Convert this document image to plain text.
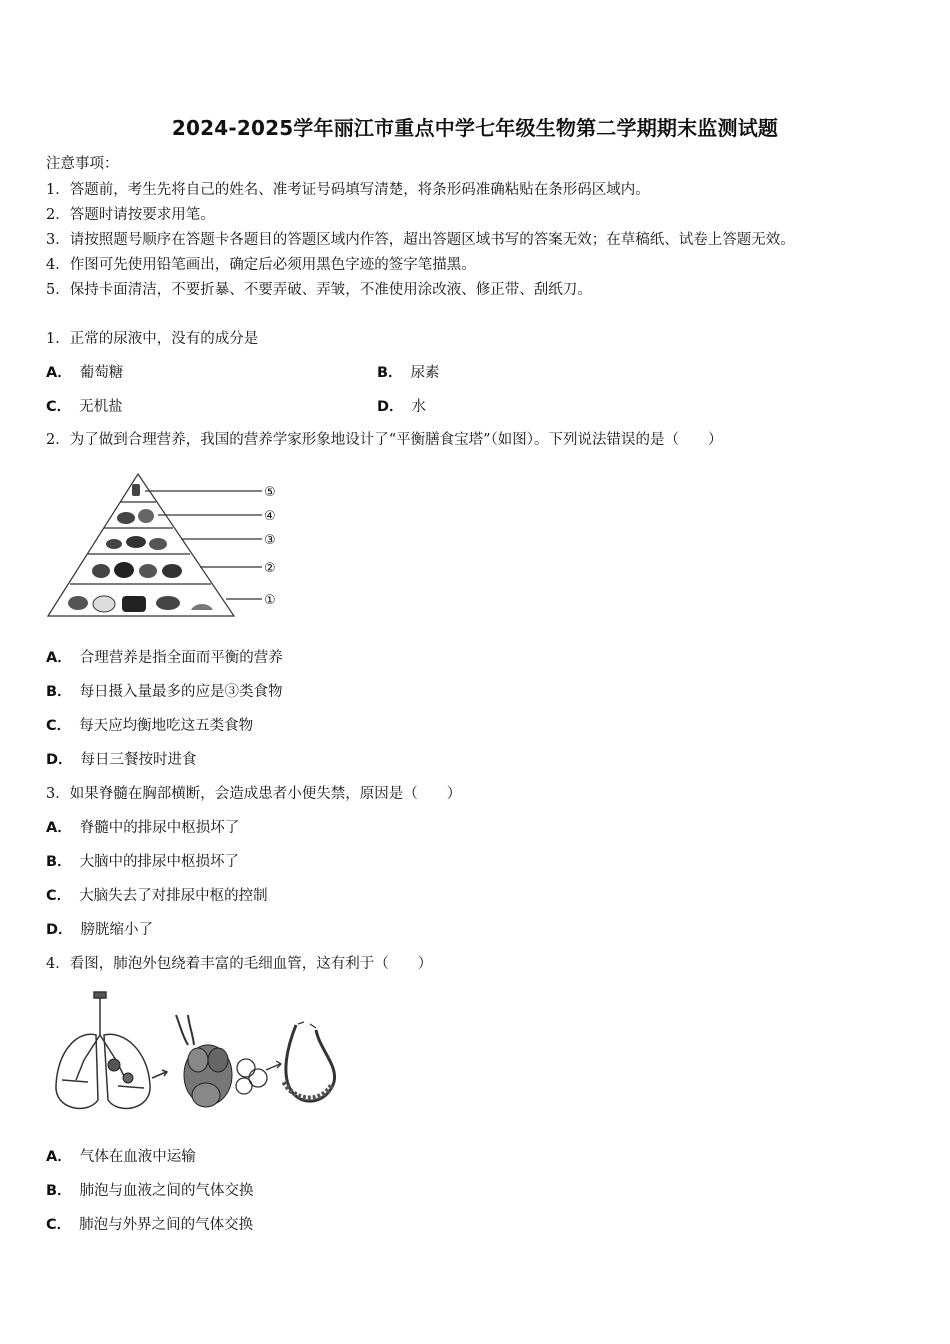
2024-2025学年丽江市重点中学七年级生物第二学期期末监测试题
注意事项：
1．答题前，考生先将自己的姓名、准考证号码填写清楚，将条形码准确粘贴在条形码区域内。
2．答题时请按要求用笔。
3．请按照题号顺序在答题卡各题目的答题区域内作答，超出答题区域书写的答案无效；在草稿纸、试卷上答题无效。
4．作图可先使用铅笔画出，确定后必须用黑色字迹的签字笔描黑。
5．保持卡面清洁，不要折暴、不要弄破、弄皱，不准使用涂改液、修正带、刮纸刀。
1．正常的尿液中，没有的成分是
A． 葡萄糖	B． 尿素
C． 无机盐	D． 水
2．为了做到合理营养，我国的营养学家形象地设计了“平衡膳食宝塔”（如图）。下列说法错误的是（　　）
⑤
④
③
②
①
A． 合理营养是指全面而平衡的营养
B． 每日摄入量最多的应是③类食物
C． 每天应均衡地吃这五类食物
D． 每日三餐按时进食
3．如果脊髓在胸部横断，会造成患者小便失禁，原因是（　　）
A． 脊髓中的排尿中枢损坏了
B． 大脑中的排尿中枢损坏了
C． 大脑失去了对排尿中枢的控制
D． 膀胱缩小了
4．看图，肺泡外包绕着丰富的毛细血管，这有利于（　　）
A． 气体在血液中运输
B． 肺泡与血液之间的气体交换
C． 肺泡与外界之间的气体交换
